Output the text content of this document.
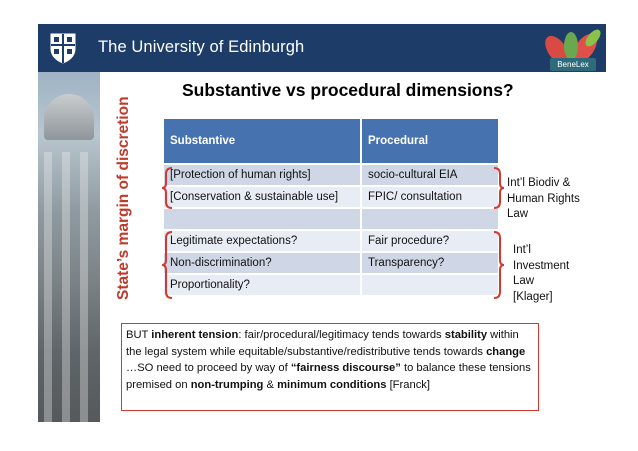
The University of Edinburgh
BeneLex
Substantive vs procedural dimensions?
State’s margin of discretion	Substantive	Procedural
[Protection of human rights]	socio-cultural EIA
[Conservation & sustainable use]	FPIC/ consultation

Legitimate expectations?	Fair procedure?
Non-discrimination?	Transparency?
Proportionality?	
Int’l Biodiv &
Human Rights
Law
Int’l
Investment
Law
[Klager]
BUT inherent tension: fair/procedural/legitimacy tends towards stability within the legal system while equitable/substantive/redistributive tends towards change
…SO need to proceed by way of “fairness discourse” to balance these tensions premised on non-trumping & minimum conditions [Franck]
